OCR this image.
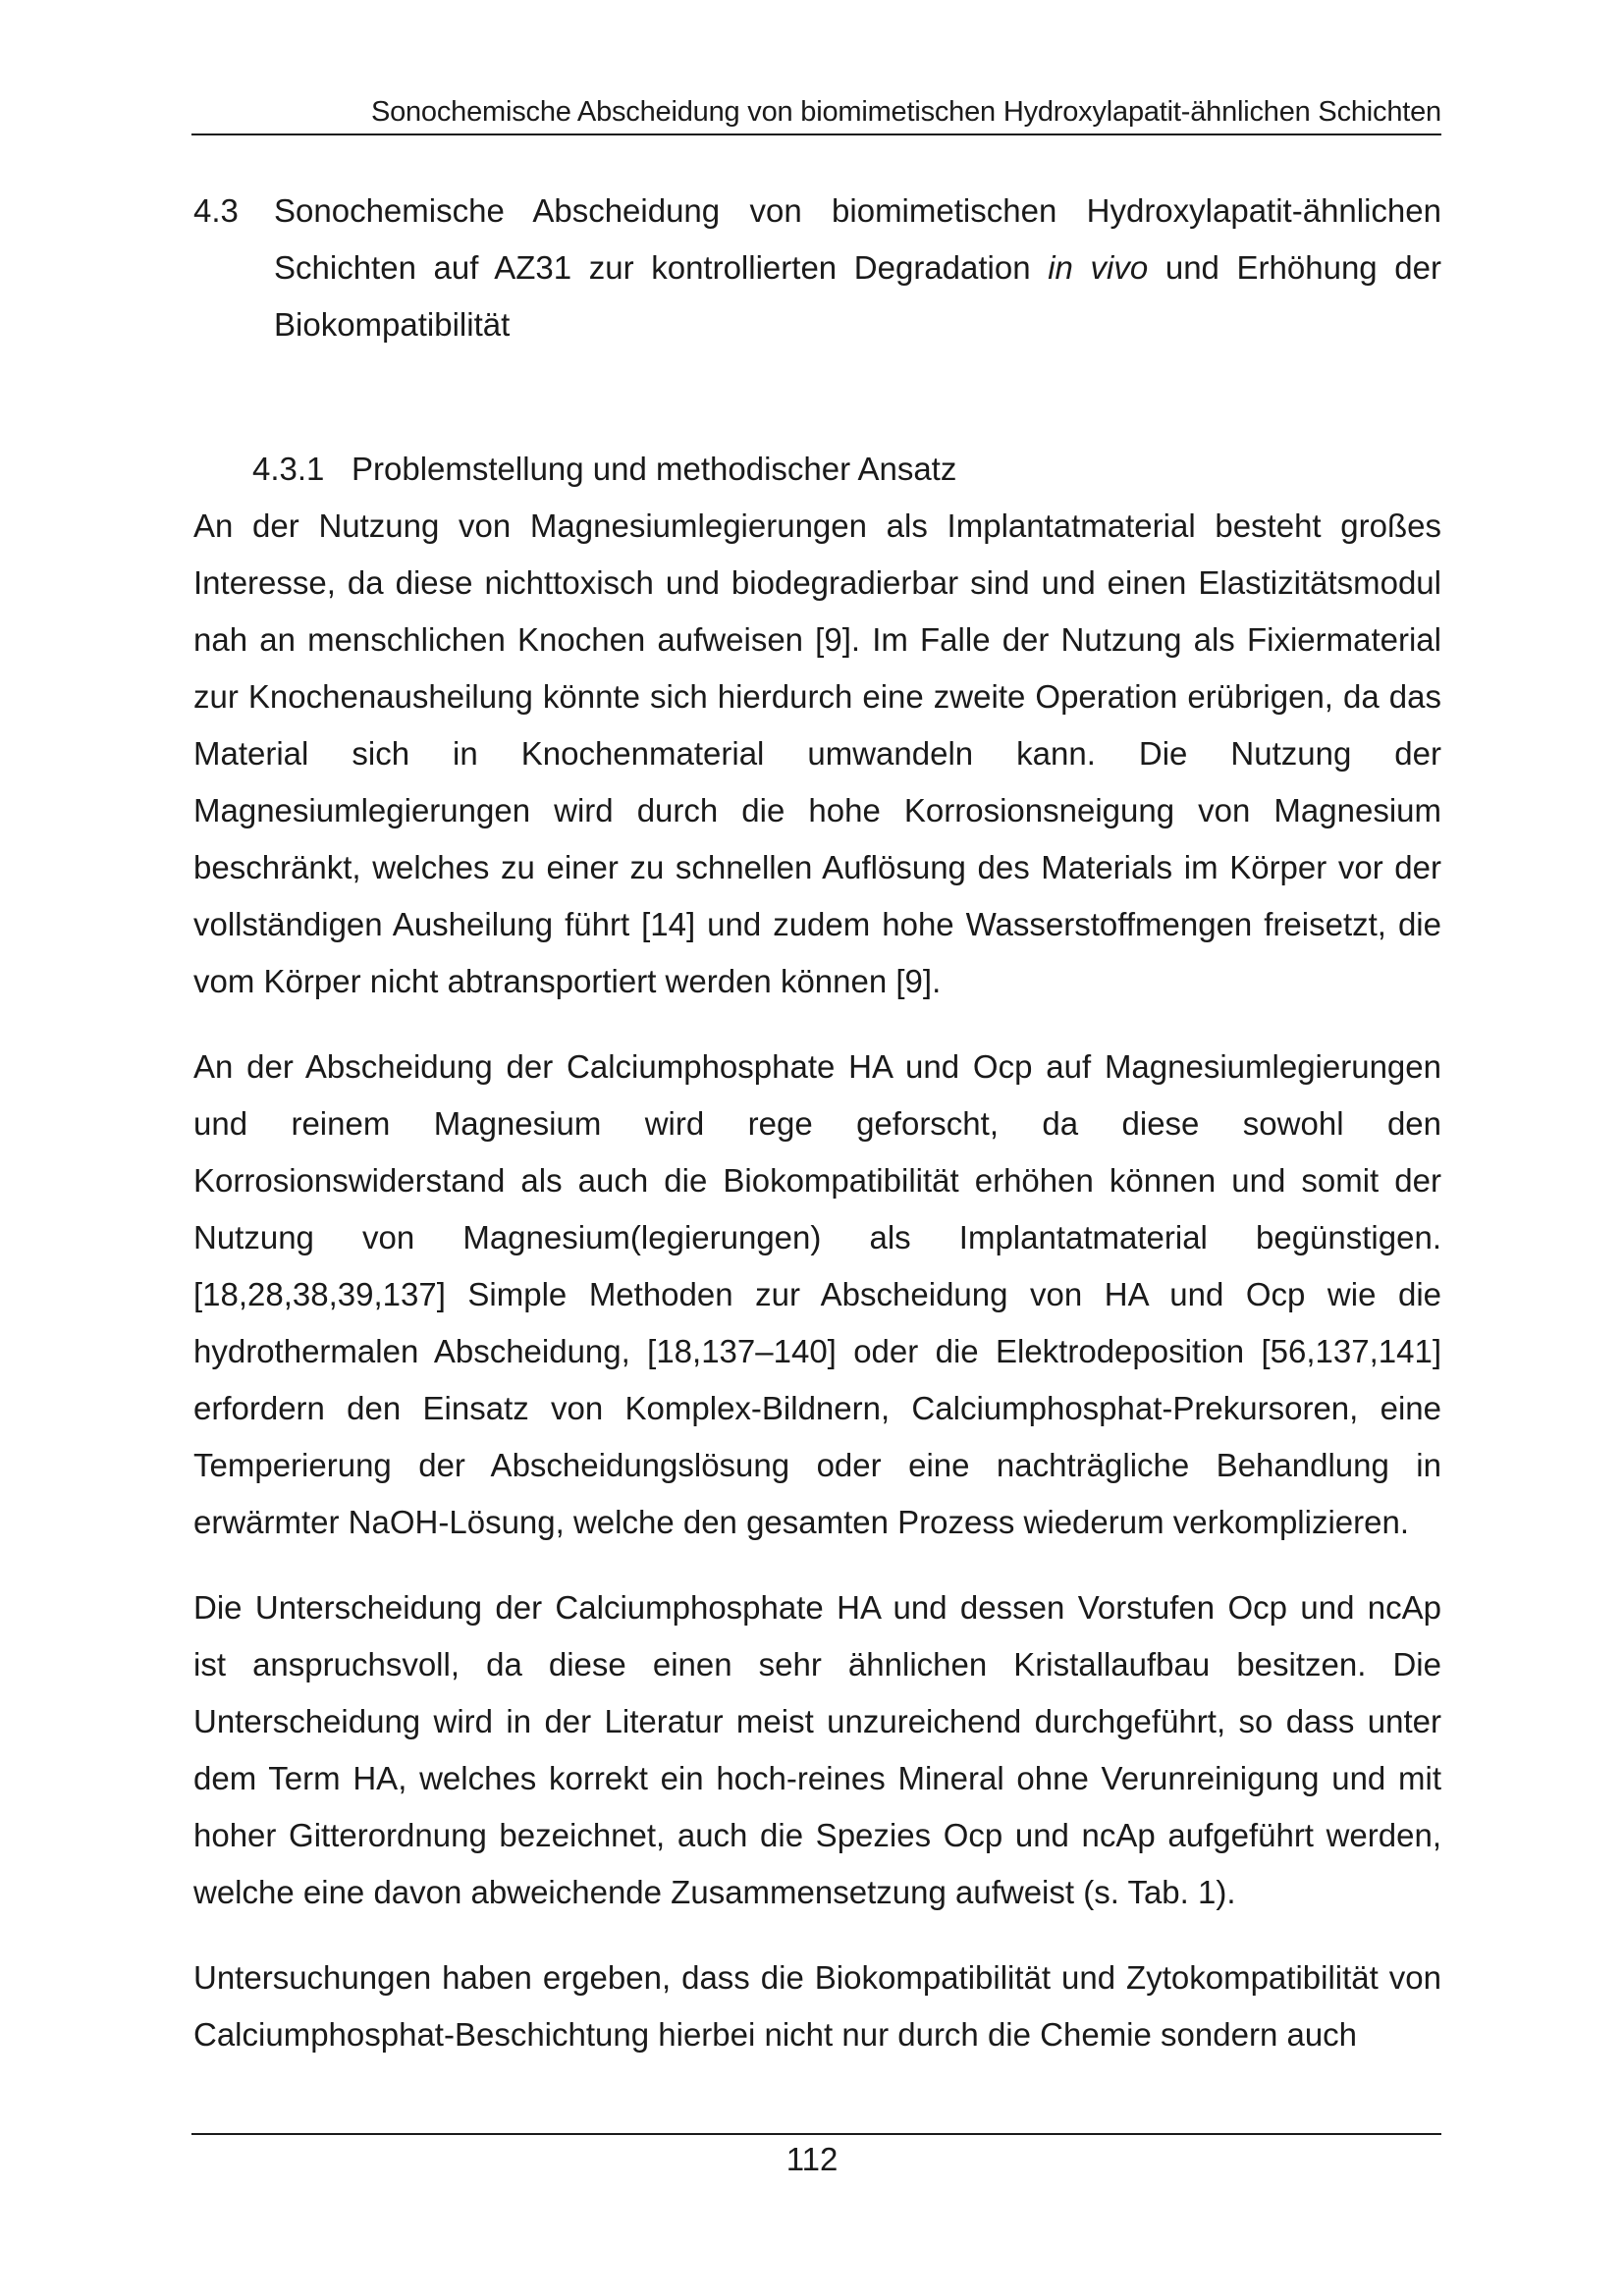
Sonochemische Abscheidung von biomimetischen Hydroxylapatit-ähnlichen Schichten
4.3 Sonochemische Abscheidung von biomimetischen Hydroxylapatit-ähnlichen Schichten auf AZ31 zur kontrollierten Degradation in vivo und Erhöhung der Biokompatibilität
4.3.1 Problemstellung und methodischer Ansatz

An der Nutzung von Magnesiumlegierungen als Implantatmaterial besteht großes Interesse, da diese nichttoxisch und biodegradierbar sind und einen Elastizitätsmodul nah an menschlichen Knochen aufweisen [9]. Im Falle der Nutzung als Fixiermaterial zur Knochenausheilung könnte sich hierdurch eine zweite Operation erübrigen, da das Material sich in Knochenmaterial umwandeln kann. Die Nutzung der Magnesiumlegierungen wird durch die hohe Korrosionsneigung von Magnesium beschränkt, welches zu einer zu schnellen Auflösung des Materials im Körper vor der vollständigen Ausheilung führt [14] und zudem hohe Wasserstoffmengen freisetzt, die vom Körper nicht abtransportiert werden können [9].

An der Abscheidung der Calciumphosphate HA und Ocp auf Magnesiumlegierungen und reinem Magnesium wird rege geforscht, da diese sowohl den Korrosionswiderstand als auch die Biokompatibilität erhöhen können und somit der Nutzung von Magnesium(legierungen) als Implantatmaterial begünstigen. [18,28,38,39,137] Simple Methoden zur Abscheidung von HA und Ocp wie die hydrothermalen Abscheidung, [18,137–140] oder die Elektrodeposition [56,137,141] erfordern den Einsatz von Komplex-Bildnern, Calciumphosphat-Prekursoren, eine Temperierung der Abscheidungslösung oder eine nachträgliche Behandlung in erwärmter NaOH-Lösung, welche den gesamten Prozess wiederum verkomplizieren.

Die Unterscheidung der Calciumphosphate HA und dessen Vorstufen Ocp und ncAp ist anspruchsvoll, da diese einen sehr ähnlichen Kristallaufbau besitzen. Die Unterscheidung wird in der Literatur meist unzureichend durchgeführt, so dass unter dem Term HA, welches korrekt ein hoch-reines Mineral ohne Verunreinigung und mit hoher Gitterordnung bezeichnet, auch die Spezies Ocp und ncAp aufgeführt werden, welche eine davon abweichende Zusammensetzung aufweist (s. Tab. 1).

Untersuchungen haben ergeben, dass die Biokompatibilität und Zytokompatibilität von Calciumphosphat-Beschichtung hierbei nicht nur durch die Chemie sondern auch

112
